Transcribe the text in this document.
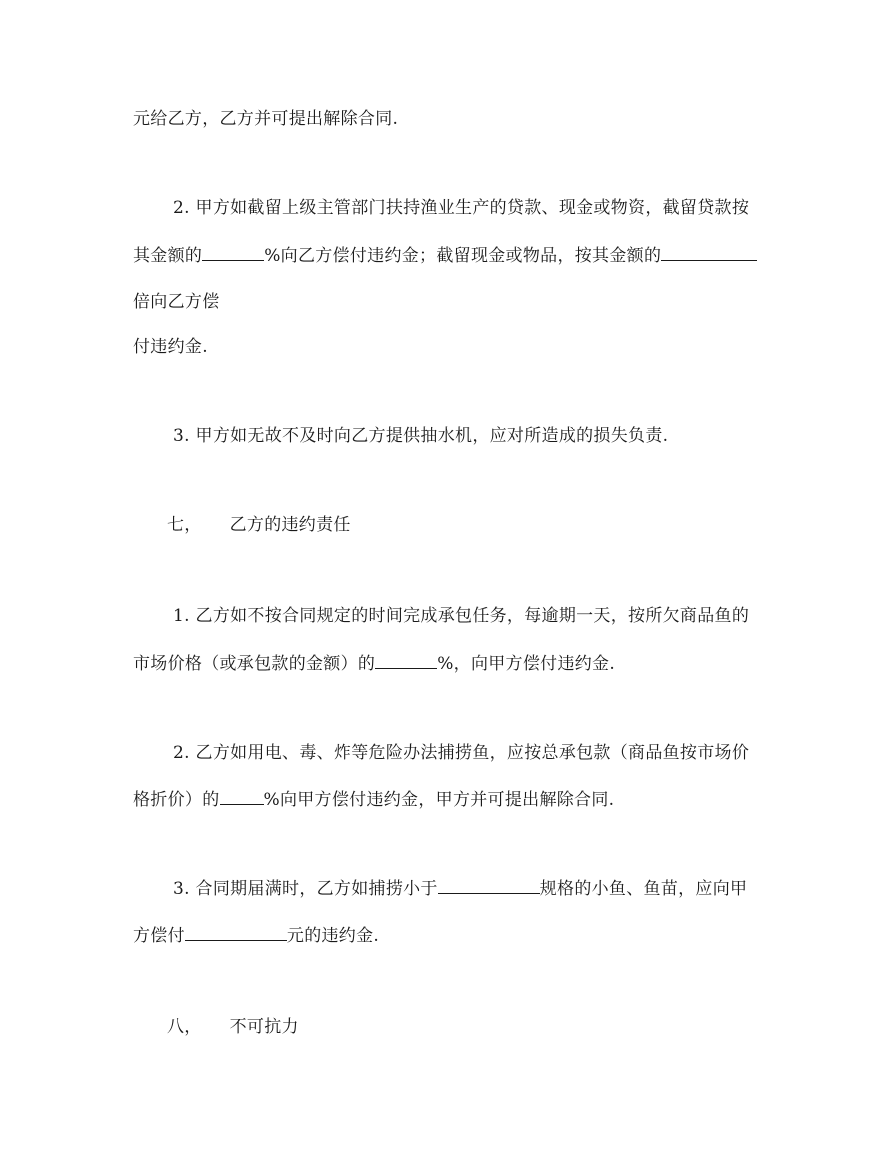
元给乙方，乙方并可提出解除合同.
2. 甲方如截留上级主管部门扶持渔业生产的贷款、现金或物资，截留贷款按
其金额的	%向乙方偿付违约金；截留现金或物品，按其金额的
倍向乙方偿
付违约金.
3. 甲方如无故不及时向乙方提供抽水机，应对所造成的损失负责.
七， 乙方的违约责任
1. 乙方如不按合同规定的时间完成承包任务，每逾期一天，按所欠商品鱼的
市场价格（或承包款的金额）的	%，向甲方偿付违约金.
2. 乙方如用电、毒、炸等危险办法捕捞鱼，应按总承包款（商品鱼按市场价
格折价）的	%向甲方偿付违约金，甲方并可提出解除合同.
3. 合同期届满时，乙方如捕捞小于	规格的小鱼、鱼苗，应向甲
方偿付	元的违约金.
八， 不可抗力
